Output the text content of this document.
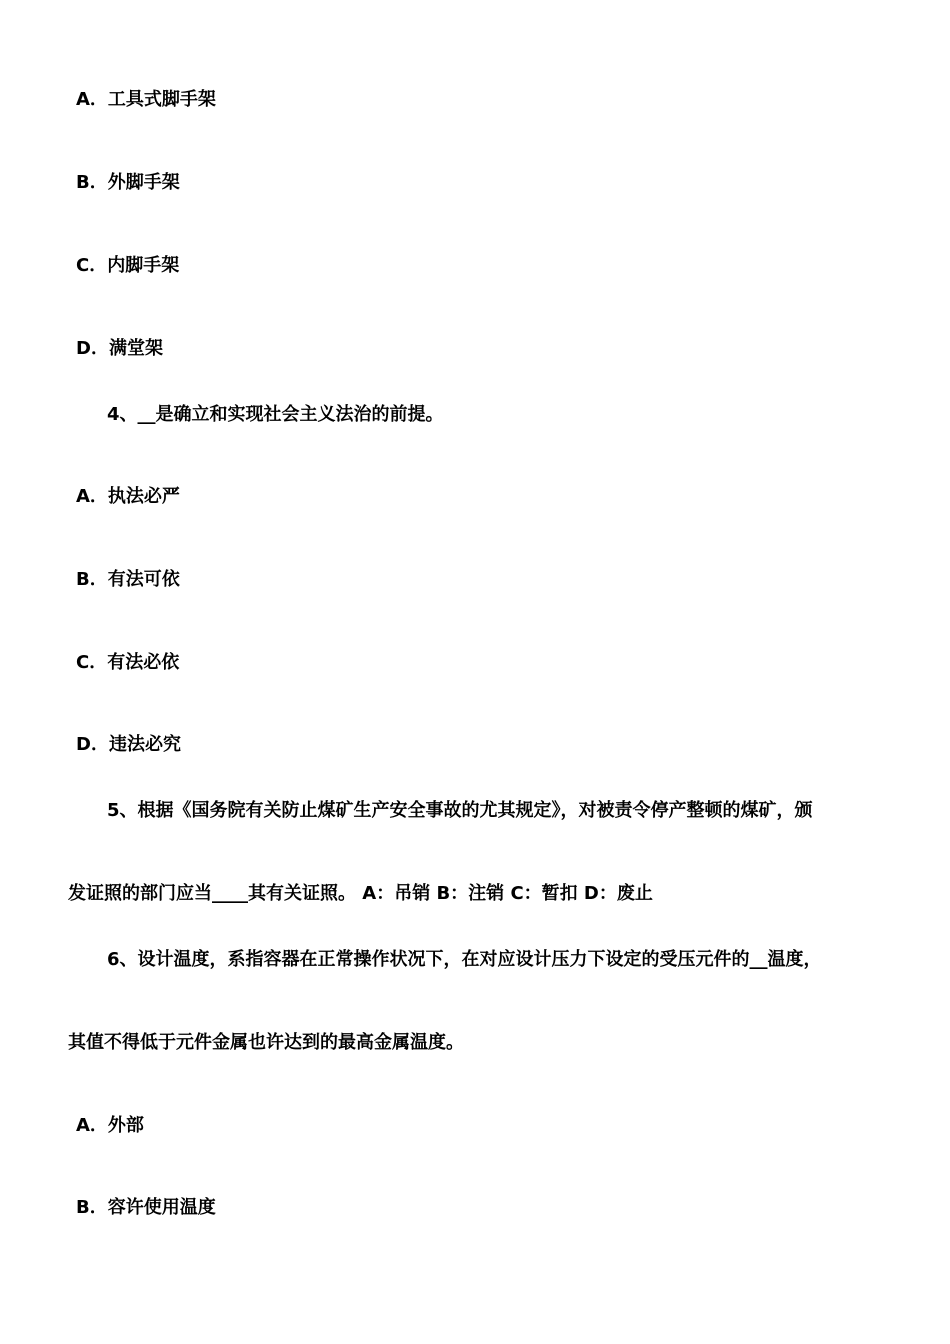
A．工具式脚手架
B．外脚手架
C．内脚手架
D．满堂架
4、__是确立和实现社会主义法治的前提。
A．执法必严
B．有法可依
C．有法必依
D．违法必究
5、根据《国务院有关防止煤矿生产安全事故的尤其规定》，对被责令停产整顿的煤矿，颁
发证照的部门应当____其有关证照。 A：吊销 B：注销 C：暂扣 D：废止
6、设计温度，系指容器在正常操作状况下，在对应设计压力下设定的受压元件的__温度，
其值不得低于元件金属也许达到的最高金属温度。
A．外部
B．容许使用温度
